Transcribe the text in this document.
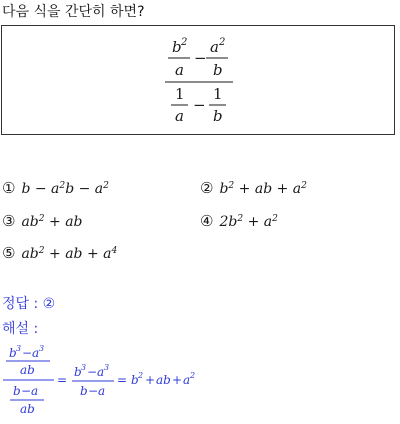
다음 식을 간단히 하면?
b 2
a
−
a 2
b
1
a
−
1
b
① $b - a^2b - a^2$	② $b^2$ + ab + $a^2$
③ $ab^2$ + ab	④ $2b^2 + a^2$
⑤ $ab^2$ + ab + $a^4$
정답 : ②
해설 :
b 3 − a 3
ab
b − a
ab
=
b 3 − a 3
b − a
= b 2 + ab + a 2
